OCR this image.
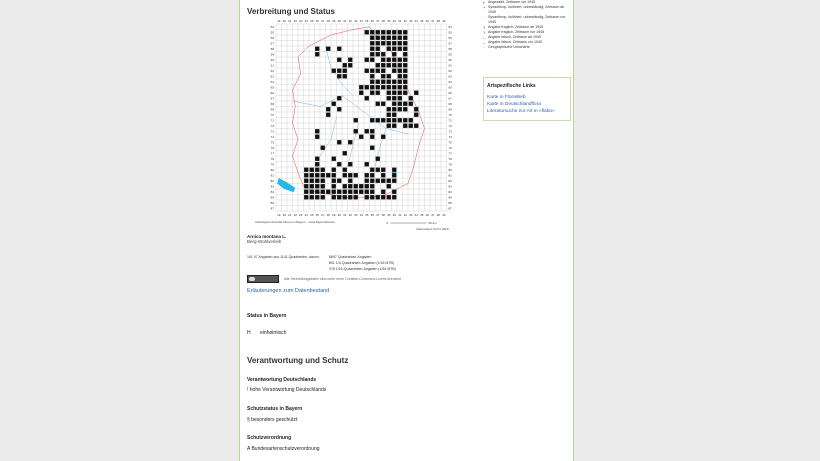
Verbreitung und Status
19
19
20
20
21
21
22
22
23
23
24
24
25
25
26
26
27
27
28
28
29
29
30
30
31
31
32
32
33
33
34
34
35
35
36
36
37
37
38
38
39
39
40
40
41
41
42
42
43
43
44
44
45
45
46
46
47
47
48
48
49
49
54	54
55	55
56	56
57	57
58	58
59	59
60	60
61	61
62	62
63	63
64	64
65	65
66	66
67	67
68	68
69	69
70	70
71	71
72	72
73	73
74	74
75	75
76	76
77	77
78	78
79	79
80	80
81	81
82	82
83	83
84	84
85	85
86	86
87	87
Arbeitsgemeinschaft Flora von Bayern - www.bayernflora.de	0	50 km
Datenstand: 02.07.2020
Arnica montana L.
Berg-Wohlverleih
161 97 Angaben aus 1141 Quadranten, davon:	8697 Quadranten-Angaben
801 1/4-Quadranten-Angaben (1/16 MTB)
376 1/16-Quadranten-Angaben (1/64 MTB)
Alle Verbreitungsdaten sind unter einer Creative-Commons-Lizenz lizenziert
Erläuterungen zum Datenbestand

Status in Bayern

H einheimisch
Verantwortung und Schutz

Verantwortung Deutschlands

! hohe Verantwortung Deutschlands

Schutzstatus in Bayern

§ besonders geschützt

Schutzverordnung

A Bundesartenschutzverordnung
▪ Angesalbt, Zeitraum vor 1945
+ Synanthrop, kultiviert, unbeständig, Zeitraum ab 1945
·	Synanthrop, kultiviert, unbeständig, Zeitraum vor 1945
? Angabe fraglich, Zeitraum ab 1945
? Angabe fraglich, Zeitraum vor 1945
– Angabe falsch, Zeitraum ab 1945
– Angabe falsch, Zeitraum vor 1945
·	Geographische Unschärfe
Artspezifische Links
Karte in FloraWeb
Karte in Deutschlandflora
Literatursuche zur Art in «flabo»
